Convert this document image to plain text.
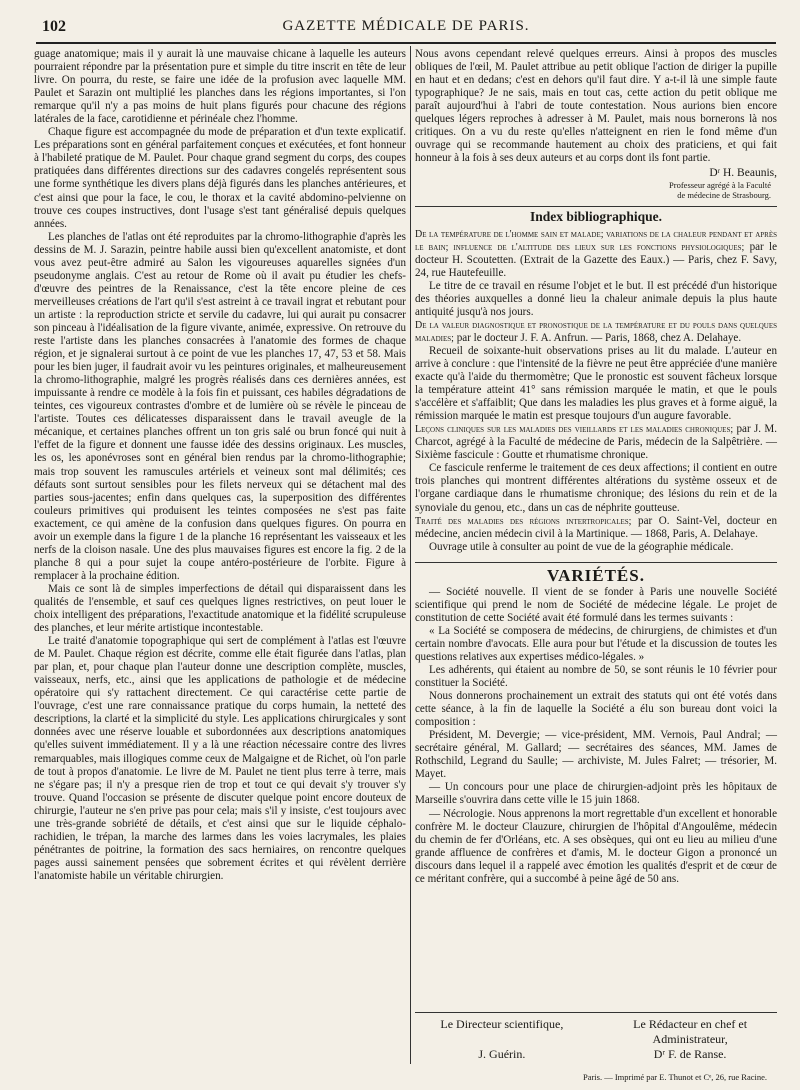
102	GAZETTE MÉDICALE DE PARIS.

guage anatomique; mais il y aurait là une mauvaise chicane à laquelle les auteurs pourraient répondre par la présentation pure et simple du titre inscrit en tête de leur livre. On pourra, du reste, se faire une idée de la profusion avec laquelle MM. Paulet et Sarazin ont multiplié les planches dans les régions importantes, si l'on remarque qu'il n'y a pas moins de huit plans figurés pour chacune des régions latérales de la face, carotidienne et périnéale chez l'homme.

Chaque figure est accompagnée du mode de préparation et d'un texte explicatif. Les préparations sont en général parfaitement conçues et exécutées, et font honneur à l'habileté pratique de M. Paulet. Pour chaque grand segment du corps, des coupes pratiquées dans différentes directions sur des cadavres congelés représentent sous une forme synthétique les divers plans déjà figurés dans les planches antérieures, et c'est ainsi que pour la face, le cou, le thorax et la cavité abdomino-pelvienne on trouve ces coupes instructives, dont l'usage s'est tant généralisé depuis quelques années.

Les planches de l'atlas ont été reproduites par la chromo-lithographie d'après les dessins de M. J. Sarazin, peintre habile aussi bien qu'excellent anatomiste, et dont vous avez peut-être admiré au Salon les vigoureuses aquarelles signées d'un pseudonyme anglais. C'est au retour de Rome où il avait pu étudier les chefs-d'œuvre des peintres de la Renaissance, c'est la tête encore pleine de ces merveilleuses créations de l'art qu'il s'est astreint à ce travail ingrat et rebutant pour un artiste : la reproduction stricte et servile du cadavre, lui qui aurait pu consacrer son pinceau à l'idéalisation de la figure vivante, animée, expressive. On retrouve du reste l'artiste dans les planches consacrées à l'anatomie des formes de chaque région, et je signalerai surtout à ce point de vue les planches 17, 47, 53 et 58. Mais pour les bien juger, il faudrait avoir vu les peintures originales, et malheureusement la chromo-lithographie, malgré les progrès réalisés dans ces dernières années, est impuissante à rendre ce modèle à la fois fin et puissant, ces habiles dégradations de teintes, ces vigoureux contrastes d'ombre et de lumière où se révèle le pinceau de l'artiste. Toutes ces délicatesses disparaissent dans le travail aveugle de la mécanique, et certaines planches offrent un ton gris salé ou brun foncé qui nuit à l'effet de la figure et donnent une fausse idée des dessins originaux. Les muscles, les os, les aponévroses sont en général bien rendus par la chromo-lithographie; mais trop souvent les ramuscules artériels et veineux sont mal délimités; ces défauts sont surtout sensibles pour les filets nerveux qui se détachent mal des parties sous-jacentes; enfin dans quelques cas, la superposition des différentes couleurs primitives qui produisent les teintes composées ne s'est pas faite exactement, ce qui amène de la confusion dans quelques figures. On pourra en avoir un exemple dans la figure 1 de la planche 16 représentant les vaisseaux et les nerfs de la cloison nasale. Une des plus mauvaises figures est encore la fig. 2 de la planche 8 qui a pour sujet la coupe antéro-postérieure de l'orbite. Figure à remplacer à la prochaine édition.

Mais ce sont là de simples imperfections de détail qui disparaissent dans les qualités de l'ensemble, et sauf ces quelques lignes restrictives, on peut louer le choix intelligent des préparations, l'exactitude anatomique et la fidélité scrupuleuse des planches, et leur mérite artistique incontestable.

Le traité d'anatomie topographique qui sert de complément à l'atlas est l'œuvre de M. Paulet. Chaque région est décrite, comme elle était figurée dans l'atlas, plan par plan, et, pour chaque plan l'auteur donne une description complète, muscles, vaisseaux, nerfs, etc., ainsi que les applications de pathologie et de médecine opératoire qui s'y rattachent directement. Ce qui caractérise cette partie de l'ouvrage, c'est une rare connaissance pratique du corps humain, la netteté des descriptions, la clarté et la simplicité du style. Les applications chirurgicales y sont données avec une réserve louable et subordonnées aux descriptions anatomiques qu'elles suivent immédiatement. Il y a là une réaction nécessaire contre des livres remarquables, mais illogiques comme ceux de Malgaigne et de Richet, où l'on parle de tout à propos d'anatomie. Le livre de M. Paulet ne tient plus terre à terre, mais ne s'égare pas; il n'y a presque rien de trop et tout ce qui devait s'y trouver s'y trouve. Quand l'occasion se présente de discuter quelque point encore douteux de chirurgie, l'auteur ne s'en prive pas pour cela; mais s'il y insiste, c'est toujours avec une très-grande sobriété de détails, et c'est ainsi que sur le liquide céphalo-rachidien, le trépan, la marche des larmes dans les voies lacrymales, les plaies pénétrantes de poitrine, la formation des sacs herniaires, on rencontre quelques pages aussi sainement pensées que sobrement écrites et qui révèlent derrière l'anatomiste habile un véritable chirurgien.

Nous avons cependant relevé quelques erreurs. Ainsi à propos des muscles obliques de l'œil, M. Paulet attribue au petit oblique l'action de diriger la pupille en haut et en dedans; c'est en dehors qu'il faut dire. Y a-t-il là une simple faute typographique? Je ne sais, mais en tout cas, cette action du petit oblique me paraît aujourd'hui à l'abri de toute contestation. Nous aurions bien encore quelques légers reproches à adresser à M. Paulet, mais nous bornerons là nos critiques. On a vu du reste qu'elles n'atteignent en rien le fond même d'un ouvrage qui se recommande hautement au choix des praticiens, et qui fait honneur à la fois à ses deux auteurs et au corps dont ils font partie.

Dʳ H. Beaunis,
Professeur agrégé à la Faculté
de médecine de Strasbourg.
Index bibliographique.

De la température de l'homme sain et malade; variations de la chaleur pendant et après le bain; influence de l'altitude des lieux sur les fonctions physiologiques; par le docteur H. Scoutetten. (Extrait de la Gazette des Eaux.) — Paris, chez F. Savy, 24, rue Hautefeuille.

Le titre de ce travail en résume l'objet et le but. Il est précédé d'un historique des théories auxquelles a donné lieu la chaleur animale depuis la plus haute antiquité jusqu'à nos jours.

De la valeur diagnostique et pronostique de la température et du pouls dans quelques maladies; par le docteur J. F. A. Anfrun. — Paris, 1868, chez A. Delahaye.

Recueil de soixante-huit observations prises au lit du malade. L'auteur en arrive à conclure : que l'intensité de la fièvre ne peut être appréciée d'une manière exacte qu'à l'aide du thermomètre; Que le pronostic est souvent fâcheux lorsque la température atteint 41° sans rémission marquée le matin, et que le pouls s'accélère et s'affaiblit; Que dans les maladies les plus graves et à forme aiguë, la rémission marquée le matin est presque toujours d'un augure favorable.

Leçons cliniques sur les maladies des vieillards et les maladies chroniques; par J. M. Charcot, agrégé à la Faculté de médecine de Paris, médecin de la Salpêtrière. — Sixième fascicule : Goutte et rhumatisme chronique.

Ce fascicule renferme le traitement de ces deux affections; il contient en outre trois planches qui montrent différentes altérations du système osseux et de l'organe cardiaque dans le rhumatisme chronique; des lésions du rein et de la synoviale du genou, etc., dans un cas de néphrite goutteuse.

Traité des maladies des régions intertropicales; par O. Saint-Vel, docteur en médecine, ancien médecin civil à la Martinique. — 1868, Paris, A. Delahaye.

Ouvrage utile à consulter au point de vue de la géographie médicale.

VARIÉTÉS.

— Société nouvelle. Il vient de se fonder à Paris une nouvelle Société scientifique qui prend le nom de Société de médecine légale. Le projet de constitution de cette Société avait été formulé dans les termes suivants :

« La Société se composera de médecins, de chirurgiens, de chimistes et d'un certain nombre d'avocats. Elle aura pour but l'étude et la discussion de toutes les questions relatives aux expertises médico-légales. »

Les adhérents, qui étaient au nombre de 50, se sont réunis le 10 février pour constituer la Société.

Nous donnerons prochainement un extrait des statuts qui ont été votés dans cette séance, à la fin de laquelle la Société a élu son bureau dont voici la composition :

Président, M. Devergie; — vice-président, MM. Vernois, Paul Andral; — secrétaire général, M. Gallard; — secrétaires des séances, MM. James de Rothschild, Legrand du Saulle; — archiviste, M. Jules Falret; — trésorier, M. Mayet.

— Un concours pour une place de chirurgien-adjoint près les hôpitaux de Marseille s'ouvrira dans cette ville le 15 juin 1868.

— Nécrologie. Nous apprenons la mort regrettable d'un excellent et honorable confrère M. le docteur Clauzure, chirurgien de l'hôpital d'Angoulême, médecin du chemin de fer d'Orléans, etc. A ses obsèques, qui ont eu lieu au milieu d'une grande affluence de confrères et d'amis, M. le docteur Gigon a prononcé un discours dans lequel il a rappelé avec émotion les qualités d'esprit et de cœur de ce méritant confrère, qui a succombé à peine âgé de 50 ans.

Le Directeur scientifique,	Le Rédacteur en chef et Administrateur,
J. Guérin.	Dʳ F. de Ranse.
Paris. — Imprimé par E. Thunot et Cᵉ, 26, rue Racine.
